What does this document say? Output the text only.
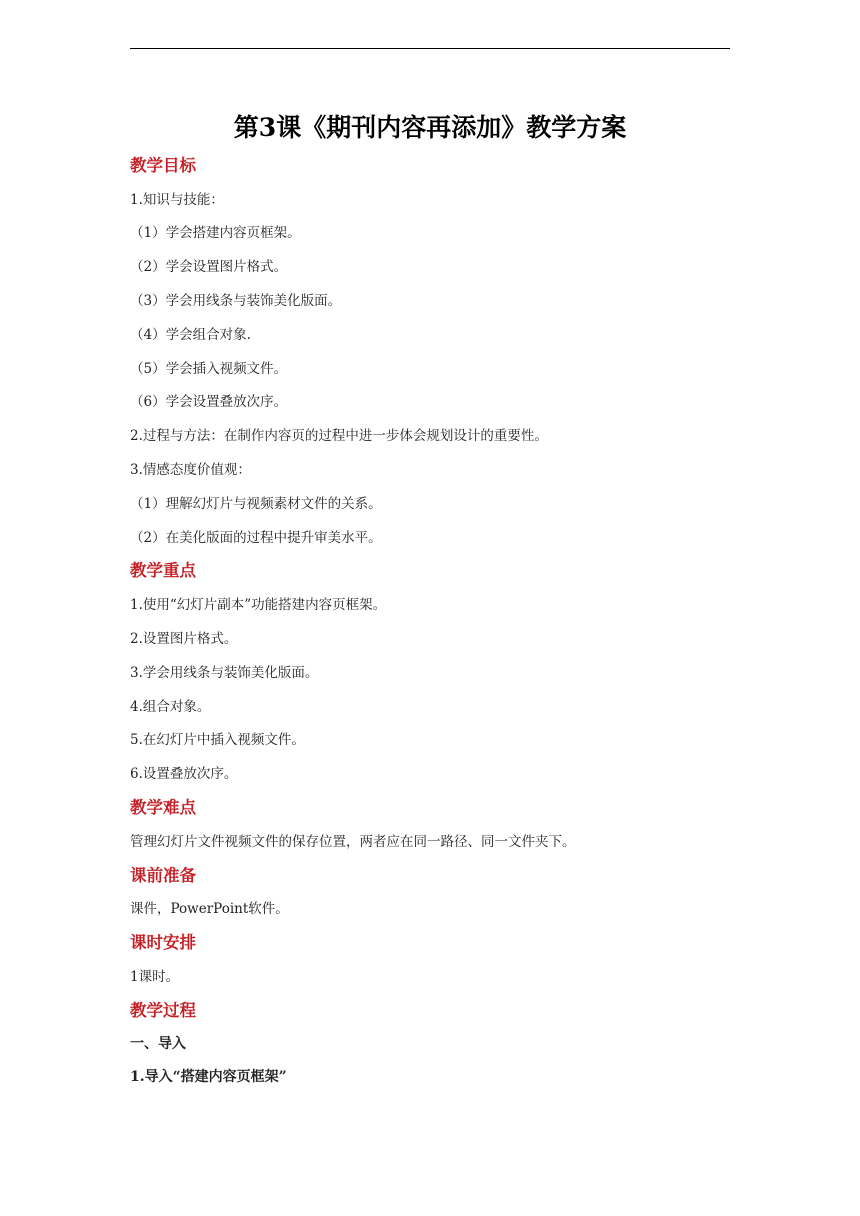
第3课《期刊内容再添加》教学方案
教学目标
1.知识与技能：
（1）学会搭建内容页框架。
（2）学会设置图片格式。
（3）学会用线条与装饰美化版面。
（4）学会组合对象.
（5）学会插入视频文件。
（6）学会设置叠放次序。
2.过程与方法：在制作内容页的过程中进一步体会规划设计的重要性。
3.情感态度价值观：
（1）理解幻灯片与视频素材文件的关系。
（2）在美化版面的过程中提升审美水平。
教学重点
1.使用“幻灯片副本”功能搭建内容页框架。
2.设置图片格式。
3.学会用线条与装饰美化版面。
4.组合对象。
5.在幻灯片中插入视频文件。
6.设置叠放次序。
教学难点
管理幻灯片文件视频文件的保存位置，两者应在同一路径、同一文件夹下。
课前准备
课件，PowerPoint软件。
课时安排
1课时。
教学过程
一、导入
1.导入“搭建内容页框架”
